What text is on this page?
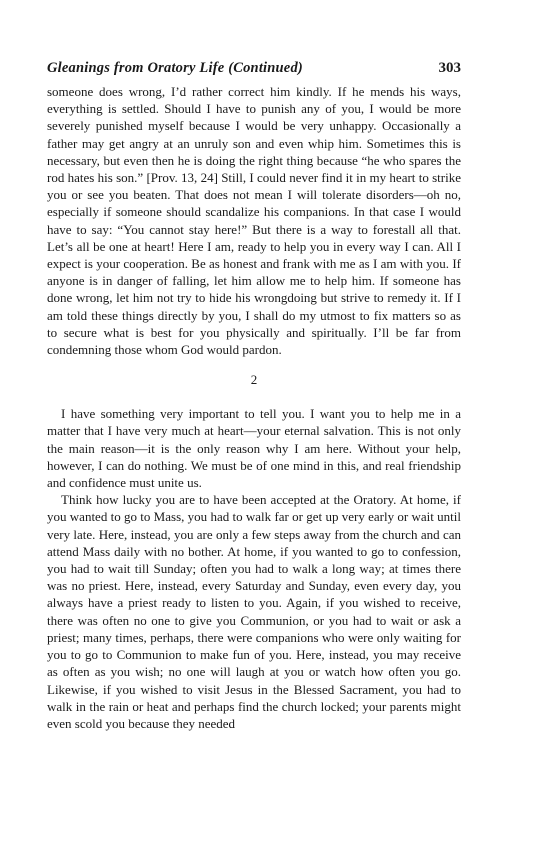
Gleanings from Oratory Life (Continued)	303

someone does wrong, I’d rather correct him kindly. If he mends his ways, everything is settled. Should I have to punish any of you, I would be more severely punished myself because I would be very unhappy. Occasionally a father may get angry at an unruly son and even whip him. Sometimes this is necessary, but even then he is doing the right thing because “he who spares the rod hates his son.” [Prov. 13, 24] Still, I could never find it in my heart to strike you or see you beaten. That does not mean I will tolerate disorders—oh no, especially if someone should scandalize his companions. In that case I would have to say: “You cannot stay here!” But there is a way to forestall all that. Let’s all be one at heart! Here I am, ready to help you in every way I can. All I expect is your cooperation. Be as honest and frank with me as I am with you. If anyone is in danger of falling, let him allow me to help him. If someone has done wrong, let him not try to hide his wrongdoing but strive to remedy it. If I am told these things directly by you, I shall do my utmost to fix matters so as to secure what is best for you physically and spiritually. I’ll be far from condemning those whom God would pardon.

2

I have something very important to tell you. I want you to help me in a matter that I have very much at heart—your eternal salvation. This is not only the main reason—it is the only reason why I am here. Without your help, however, I can do nothing. We must be of one mind in this, and real friendship and confidence must unite us.

Think how lucky you are to have been accepted at the Oratory. At home, if you wanted to go to Mass, you had to walk far or get up very early or wait until very late. Here, instead, you are only a few steps away from the church and can attend Mass daily with no bother. At home, if you wanted to go to confession, you had to wait till Sunday; often you had to walk a long way; at times there was no priest. Here, instead, every Saturday and Sunday, even every day, you always have a priest ready to listen to you. Again, if you wished to receive, there was often no one to give you Communion, or you had to wait or ask a priest; many times, perhaps, there were companions who were only waiting for you to go to Communion to make fun of you. Here, instead, you may receive as often as you wish; no one will laugh at you or watch how often you go. Likewise, if you wished to visit Jesus in the Blessed Sacrament, you had to walk in the rain or heat and perhaps find the church locked; your parents might even scold you because they needed
